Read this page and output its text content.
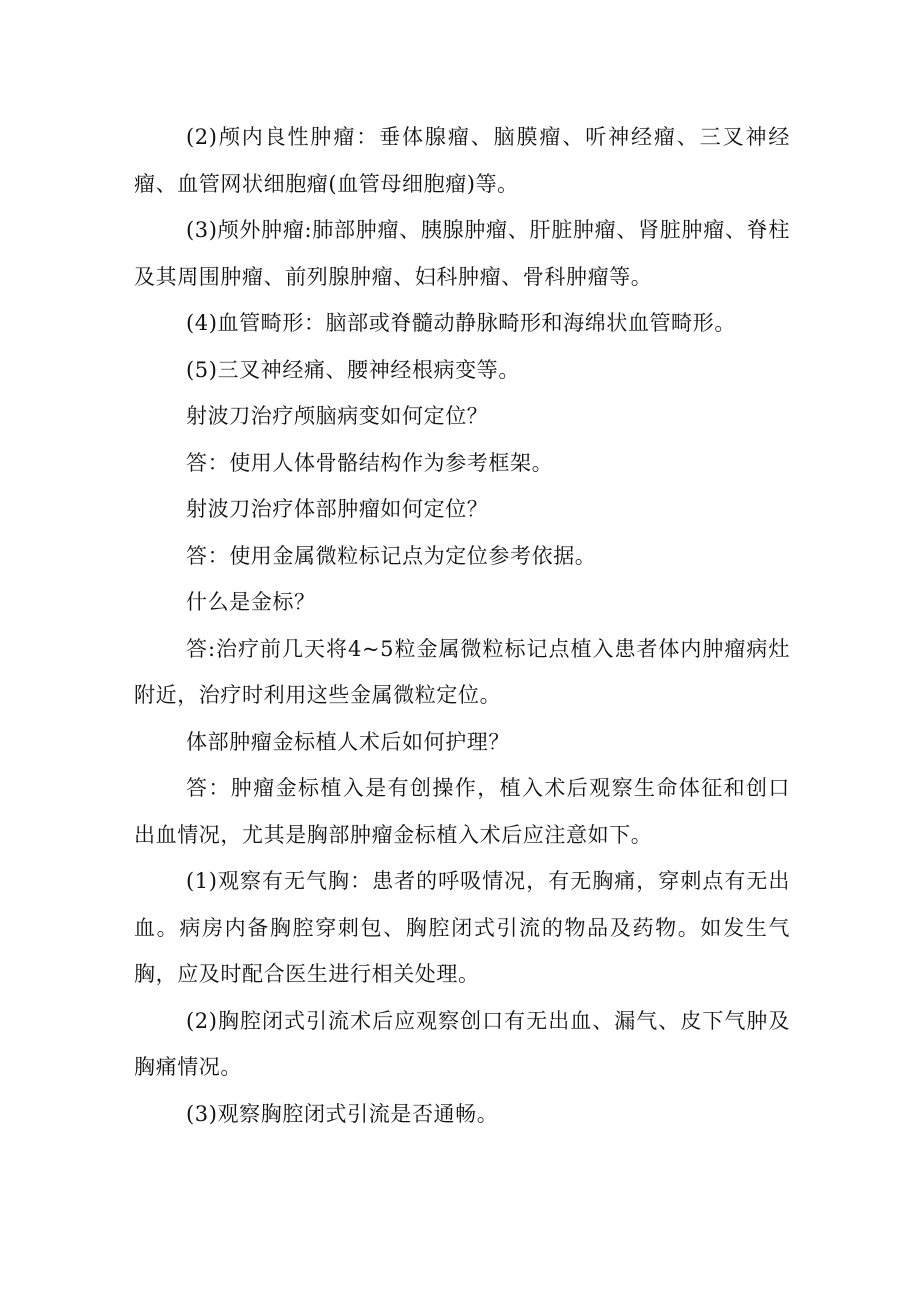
(2)颅内良性肿瘤：垂体腺瘤、脑膜瘤、听神经瘤、三叉神经瘤、血管网状细胞瘤(血管母细胞瘤)等。

(3)颅外肿瘤:肺部肿瘤、胰腺肿瘤、肝脏肿瘤、肾脏肿瘤、脊柱及其周围肿瘤、前列腺肿瘤、妇科肿瘤、骨科肿瘤等。

(4)血管畸形：脑部或脊髓动静脉畸形和海绵状血管畸形。

(5)三叉神经痛、腰神经根病变等。

射波刀治疗颅脑病变如何定位？

答：使用人体骨骼结构作为参考框架。

射波刀治疗体部肿瘤如何定位？

答：使用金属微粒标记点为定位参考依据。

什么是金标？

答:治疗前几天将4~5粒金属微粒标记点植入患者体内肿瘤病灶附近，治疗时利用这些金属微粒定位。

体部肿瘤金标植人术后如何护理？

答：肿瘤金标植入是有创操作，植入术后观察生命体征和创口出血情况，尤其是胸部肿瘤金标植入术后应注意如下。

(1)观察有无气胸：患者的呼吸情况，有无胸痛，穿刺点有无出血。病房内备胸腔穿刺包、胸腔闭式引流的物品及药物。如发生气胸，应及时配合医生进行相关处理。

(2)胸腔闭式引流术后应观察创口有无出血、漏气、皮下气肿及胸痛情况。

(3)观察胸腔闭式引流是否通畅。
